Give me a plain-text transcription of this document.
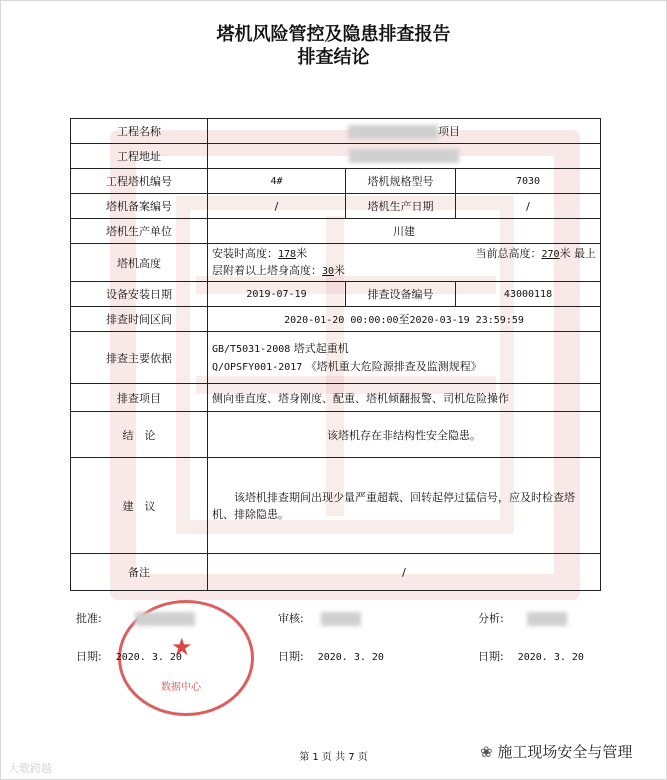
塔机风险管控及隐患排查报告
排查结论
工程名称	项目		
工程地址			
工程塔机编号	4#	塔机规格型号	7030
塔机备案编号	/	塔机生产日期	/
塔机生产单位	川建		
塔机高度	安装时高度：178米 当前总高度：270米 最上
层附着以上塔身高度：30米		

设备安装日期	2019-07-19	排查设备编号	43000118
排查时间区间	2020-01-20 00:00:00至2020-03-19 23:59:59		
排查主要依据	GB/T5031-2008 塔式起重机
Q/OPSFY001-2017 《塔机重大危险源排查及监测规程》		

排查项目	侧向垂直度、塔身刚度、配重、塔机倾翻报警、司机危险操作		
结　论	该塔机存在非结构性安全隐患。		
建　议	该塔机排查期间出现少量严重超载、回转起停过猛信号，应及时检查塔机、排除隐患。		

备注	/		
★
数据中心
批准:	审核:	分析:
日期: 2020. 3. 20	日期: 2020. 3. 20	日期: 2020. 3. 20
第 1 页 共 7 页
大歌跨越
❀ 施工现场安全与管理
